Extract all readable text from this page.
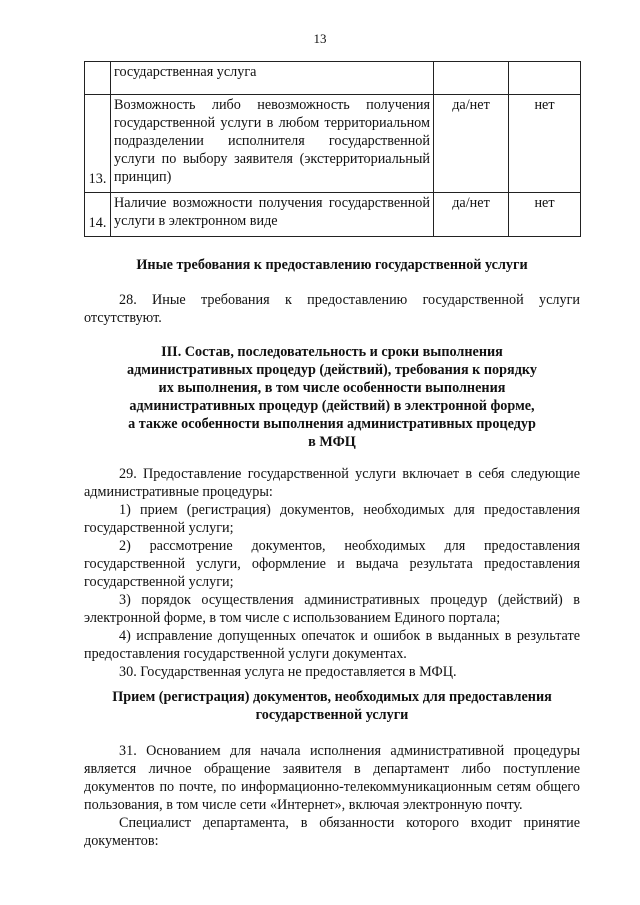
13
	государственная услуга		
13.	Возможность либо невозможность получения государственной услуги в любом территориальном подразделении исполнителя государственной услуги по выбору заявителя (экстерриториальный принцип)	да/нет	нет
14.	Наличие возможности получения государственной услуги в электронном виде	да/нет	нет
Иные требования к предоставлению государственной услуги

28. Иные требования к предоставлению государственной услуги отсутствуют.

III. Состав, последовательность и сроки выполнения
административных процедур (действий), требования к порядку
их выполнения, в том числе особенности выполнения
административных процедур (действий) в электронной форме,
а также особенности выполнения административных процедур
в МФЦ

29. Предоставление государственной услуги включает в себя следующие административные процедуры:

1) прием (регистрация) документов, необходимых для предоставления государственной услуги;

2) рассмотрение документов, необходимых для предоставления государственной услуги, оформление и выдача результата предоставления государственной услуги;

3) порядок осуществления административных процедур (действий) в электронной форме, в том числе с использованием Единого портала;

4) исправление допущенных опечаток и ошибок в выданных в результате предоставления государственной услуги документах.

30. Государственная услуга не предоставляется в МФЦ.

Прием (регистрация) документов, необходимых для предоставления
государственной услуги

31. Основанием для начала исполнения административной процедуры является личное обращение заявителя в департамент либо поступление документов по почте, по информационно-телекоммуникационным сетям общего пользования, в том числе сети «Интернет», включая электронную почту.

Специалист департамента, в обязанности которого входит принятие документов:
